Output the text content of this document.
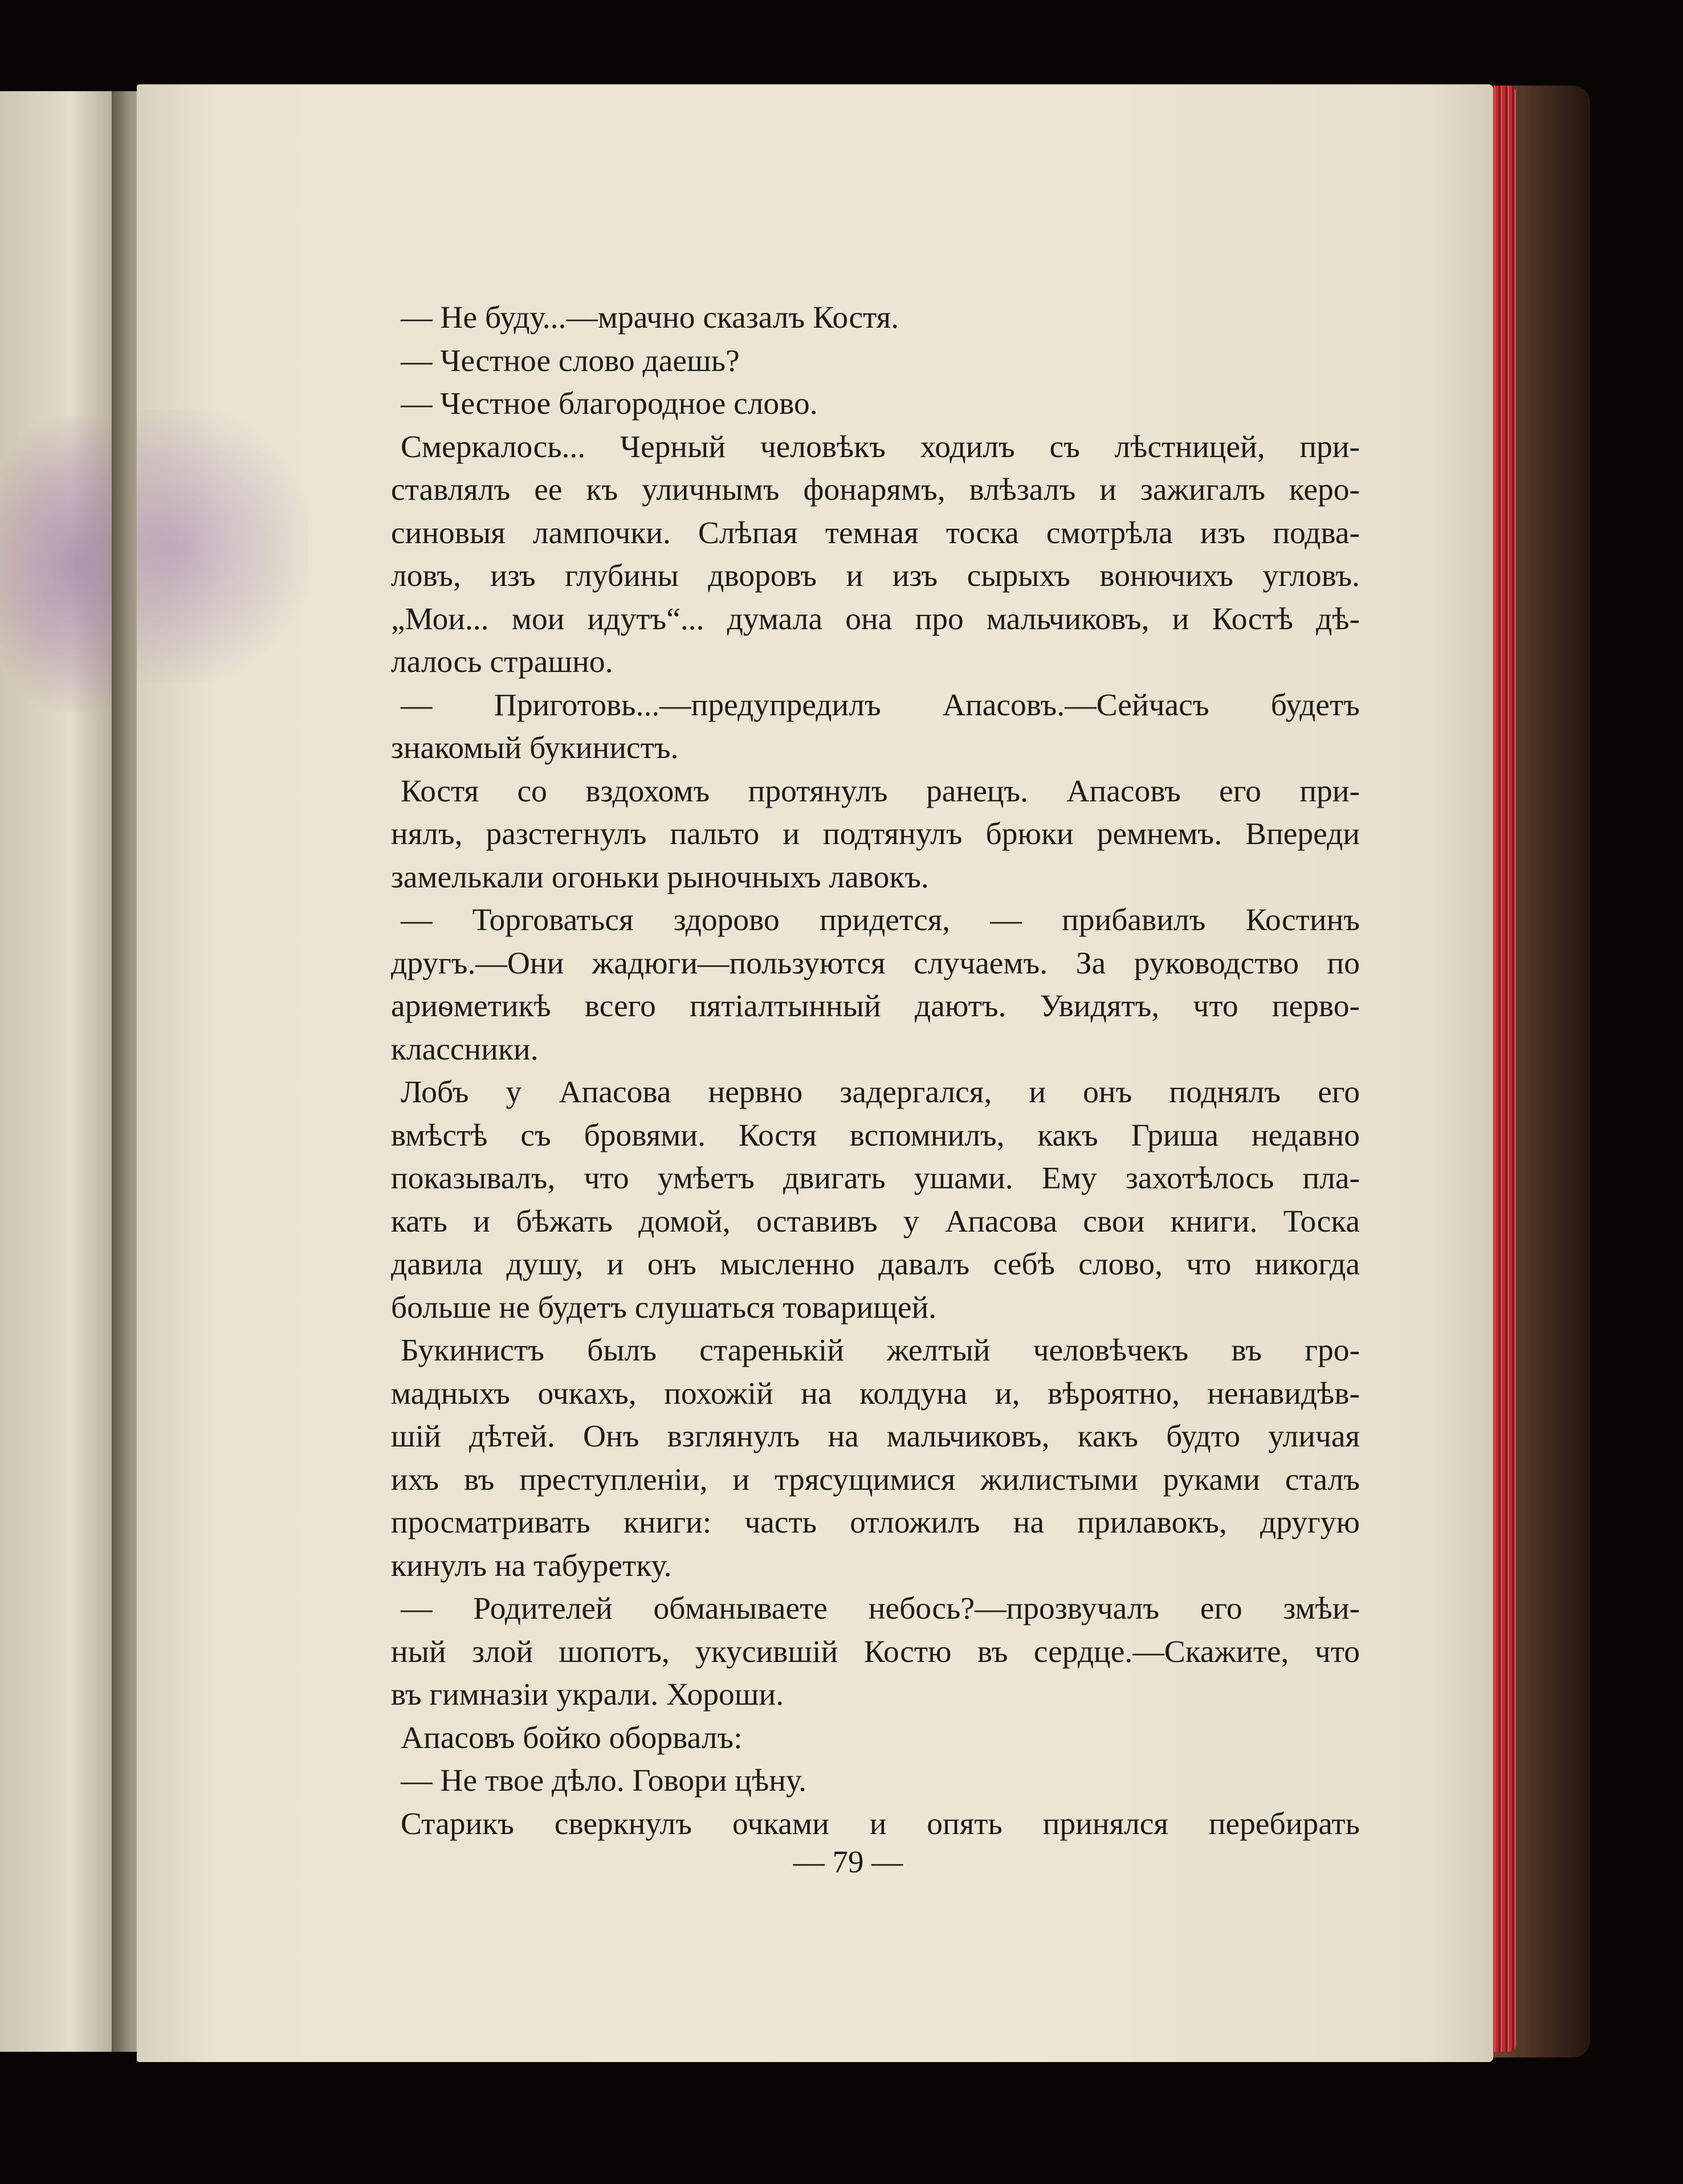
— Не буду...—мрачно сказалъ Костя.
— Честное слово даешь?
— Честное благородное слово.
Смеркалось... Черный человѣкъ ходилъ съ лѣстницей, при-
ставлялъ ее къ уличнымъ фонарямъ, влѣзалъ и зажигалъ керо-
синовыя лампочки. Слѣпая темная тоска смотрѣла изъ подва-
ловъ, изъ глубины дворовъ и изъ сырыхъ вонючихъ угловъ.
„Мои... мои идутъ“... думала она про мальчиковъ, и Костѣ дѣ-
лалось страшно.
— Приготовь...—предупредилъ Апасовъ.—Сейчасъ будетъ
знакомый букинистъ.
Костя со вздохомъ протянулъ ранецъ. Апасовъ его при-
нялъ, разстегнулъ пальто и подтянулъ брюки ремнемъ. Впереди
замелькали огоньки рыночныхъ лавокъ.
— Торговаться здорово придется, — прибавилъ Костинъ
другъ.—Они жадюги—пользуются случаемъ. За руководство по
ариѳметикѣ всего пятіалтынный даютъ. Увидятъ, что перво-
классники.
Лобъ у Апасова нервно задергался, и онъ поднялъ его
вмѣстѣ съ бровями. Костя вспомнилъ, какъ Гриша недавно
показывалъ, что умѣетъ двигать ушами. Ему захотѣлось пла-
кать и бѣжать домой, оставивъ у Апасова свои книги. Тоска
давила душу, и онъ мысленно давалъ себѣ слово, что никогда
больше не будетъ слушаться товарищей.
Букинистъ былъ старенькій желтый человѣчекъ въ гро-
мадныхъ очкахъ, похожій на колдуна и, вѣроятно, ненавидѣв-
шій дѣтей. Онъ взглянулъ на мальчиковъ, какъ будто уличая
ихъ въ преступленіи, и трясущимися жилистыми руками сталъ
просматривать книги: часть отложилъ на прилавокъ, другую
кинулъ на табуретку.
— Родителей обманываете небось?—прозвучалъ его змѣи-
ный злой шопотъ, укусившій Костю въ сердце.—Скажите, что
въ гимназіи украли. Хороши.
Апасовъ бойко оборвалъ:
— Не твое дѣло. Говори цѣну.
Старикъ сверкнулъ очками и опять принялся перебирать
— 79 —
